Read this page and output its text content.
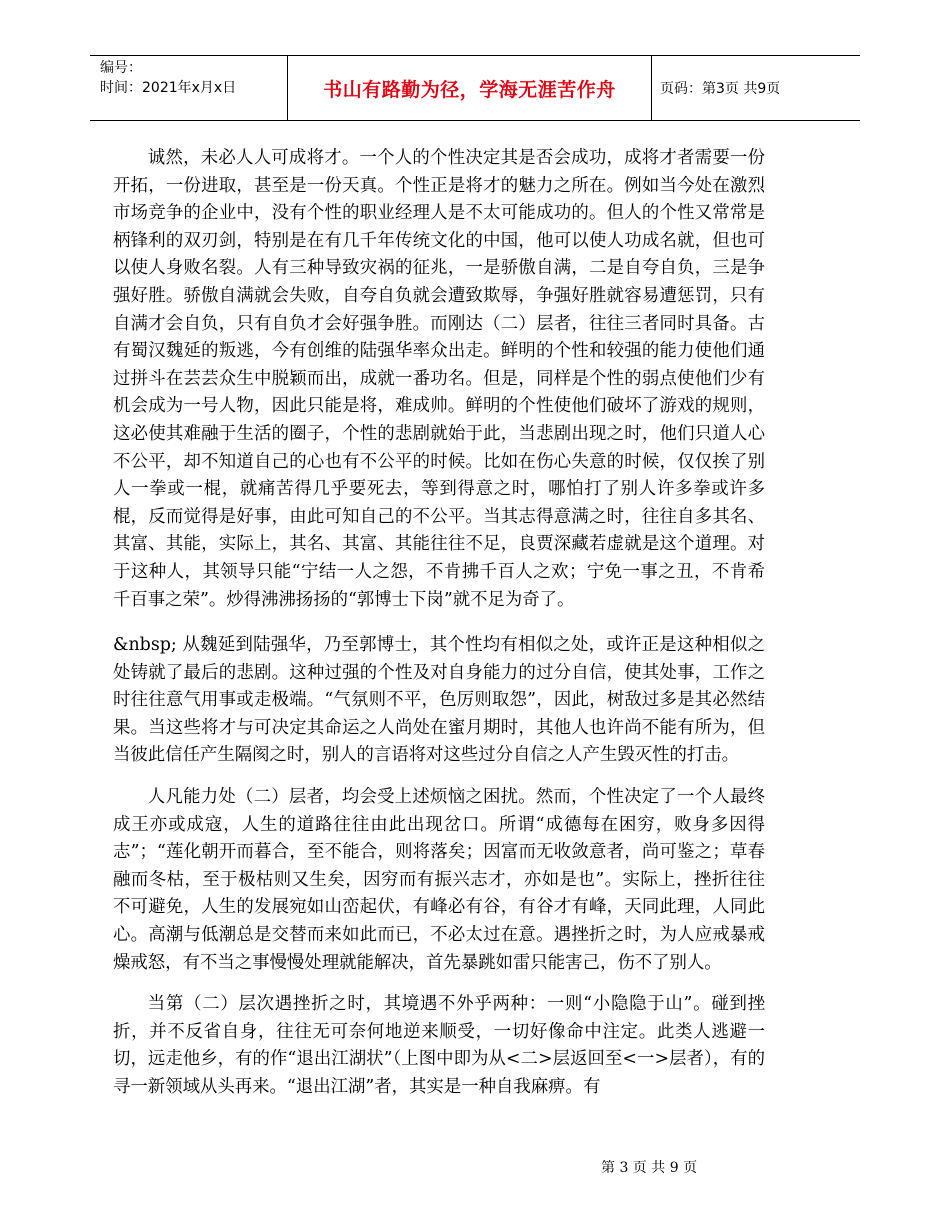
编号：
时间：2021年x月x日	书山有路勤为径，学海无涯苦作舟	页码：第3页 共9页

诚然，未必人人可成将才。一个人的个性决定其是否会成功，成将才者需要一份开拓，一份进取，甚至是一份天真。个性正是将才的魅力之所在。例如当今处在激烈市场竞争的企业中，没有个性的职业经理人是不太可能成功的。但人的个性又常常是柄锋利的双刃剑，特别是在有几千年传统文化的中国，他可以使人功成名就，但也可以使人身败名裂。人有三种导致灾祸的征兆，一是骄傲自满，二是自夸自负，三是争强好胜。骄傲自满就会失败，自夸自负就会遭致欺辱，争强好胜就容易遭惩罚，只有自满才会自负，只有自负才会好强争胜。而刚达（二）层者，往往三者同时具备。古有蜀汉魏延的叛逃，今有创维的陆强华率众出走。鲜明的个性和较强的能力使他们通过拼斗在芸芸众生中脱颖而出，成就一番功名。但是，同样是个性的弱点使他们少有机会成为一号人物，因此只能是将，难成帅。鲜明的个性使他们破坏了游戏的规则，这必使其难融于生活的圈子，个性的悲剧就始于此，当悲剧出现之时，他们只道人心不公平，却不知道自己的心也有不公平的时候。比如在伤心失意的时候，仅仅挨了别人一拳或一棍，就痛苦得几乎要死去，等到得意之时，哪怕打了别人许多拳或许多棍，反而觉得是好事，由此可知自己的不公平。当其志得意满之时，往往自多其名、其富、其能，实际上，其名、其富、其能往往不足，良贾深藏若虚就是这个道理。对于这种人，其领导只能“宁结一人之怨，不肯拂千百人之欢；宁免一事之丑，不肯希千百事之荣”。炒得沸沸扬扬的“郭博士下岗”就不足为奇了。

&nbsp; 从魏延到陆强华，乃至郭博士，其个性均有相似之处，或许正是这种相似之处铸就了最后的悲剧。这种过强的个性及对自身能力的过分自信，使其处事，工作之时往往意气用事或走极端。“气氛则不平，色厉则取怨”，因此，树敌过多是其必然结果。当这些将才与可决定其命运之人尚处在蜜月期时，其他人也许尚不能有所为，但当彼此信任产生隔阂之时，别人的言语将对这些过分自信之人产生毁灭性的打击。

人凡能力处（二）层者，均会受上述烦恼之困扰。然而，个性决定了一个人最终成王亦或成寇，人生的道路往往由此出现岔口。所谓“成德每在困穷，败身多因得志”；“莲化朝开而暮合，至不能合，则将落矣；因富而无收敛意者，尚可鉴之；草春融而冬枯，至于极枯则又生矣，因穷而有振兴志才，亦如是也”。实际上，挫折往往不可避免，人生的发展宛如山峦起伏，有峰必有谷，有谷才有峰，天同此理，人同此心。高潮与低潮总是交替而来如此而已，不必太过在意。遇挫折之时，为人应戒暴戒燥戒怒，有不当之事慢慢处理就能解决，首先暴跳如雷只能害己，伤不了别人。

当第（二）层次遇挫折之时，其境遇不外乎两种：一则“小隐隐于山”。碰到挫折，并不反省自身，往往无可奈何地逆来顺受，一切好像命中注定。此类人逃避一切，远走他乡，有的作“退出江湖状”（上图中即为从<二>层返回至<一>层者），有的寻一新领域从头再来。“退出江湖”者，其实是一种自我麻痹。有

第 3 页 共 9 页
